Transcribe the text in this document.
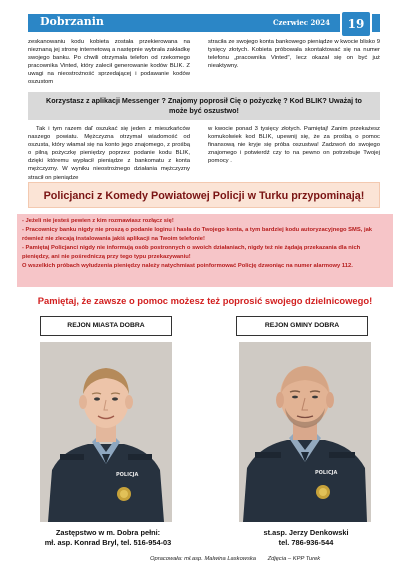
Dobrzanin	Czerwiec 2024	19

zeskanowaniu kodu kobieta została przekierowana na nieznaną jej stronę internetową a następnie wybrała zakładkę swojego banku. Po chwili otrzymała telefon od rzekomego pracownika Vinted, który zalecił generowanie kodów BLIK. Z uwagi na nieostrożność sprzedającej i podawanie kodów oszustom

straciła ze swojego konta bankowego pieniądze w kwocie blisko 9 tysięcy złotych. Kobieta próbowała skontaktować się na numer telefonu „pracownika Vinted", lecz okazał się on być już nieaktywny.

Korzystasz z aplikacji Messenger ? Znajomy poprosił Cię o pożyczkę ? Kod BLIK? Uważaj to może być oszustwo!

Tak i tym razem daľ oszukać się jeden z mieszkańców naszego powiatu. Mężczyzna otrzymał wiadomość od oszusta, który włamał się na konto jego znajomego, z prośbą o pilną pożyczkę pieniędzy poprzez podanie kodu BLIK, dzięki któremu wypłacił pieniądze z bankomatu z konta mężczyzny. W wyniku nieostrożnego działania mężczyzny stracił on pieniądze

w kwocie ponad 3 tysięcy złotych. Pamiętaj! Zanim przekażesz komukolwiek kod BLIK, upewnij się, że za prośbą o pomoc finansową nie kryje się próba oszustwa! Zadzwoń do swojego znajomego i potwierdź czy to na pewno on potrzebuje Twojej pomocy .

Policjanci z Komedy Powiatowej Policji w Turku przypominają!

- Jeżeli nie jesteś pewien z kim rozmawiasz rozłącz się!

- Pracownicy banku nigdy nie proszą o podanie loginu i hasła do Twojego konta, a tym bardziej kodu autoryzacyjnego SMS, jak również nie zlecają instalowania jakiś aplikacji na Twoim telefonie!

- Pamiętaj Policjanci nigdy nie informują osób postronnych o swoich działaniach, nigdy też nie żądają przekazania dla nich pieniędzy, ani nie pośredniczą przy tego typu przekazywaniu!

O wszelkich próbach wyłudzenia pieniędzy należy natychmiast poinformować Policję dzwoniąc na numer alarmowy 112.

Pamiętaj, że zawsze o pomoc możesz też poprosić swojego dzielnicowego!
REJON MIASTA DOBRA	REJON GMINY DOBRA
POLICJA	POLICJA
Zastępstwo w m. Dobra pełni:
mł. asp. Konrad Bryl, tel. 516-954-03
st.asp. Jerzy Denkowski
tel. 786-936-544
Opracowała: mł.asp. Malwina Laskowska Zdjęcia – KPP Turek
